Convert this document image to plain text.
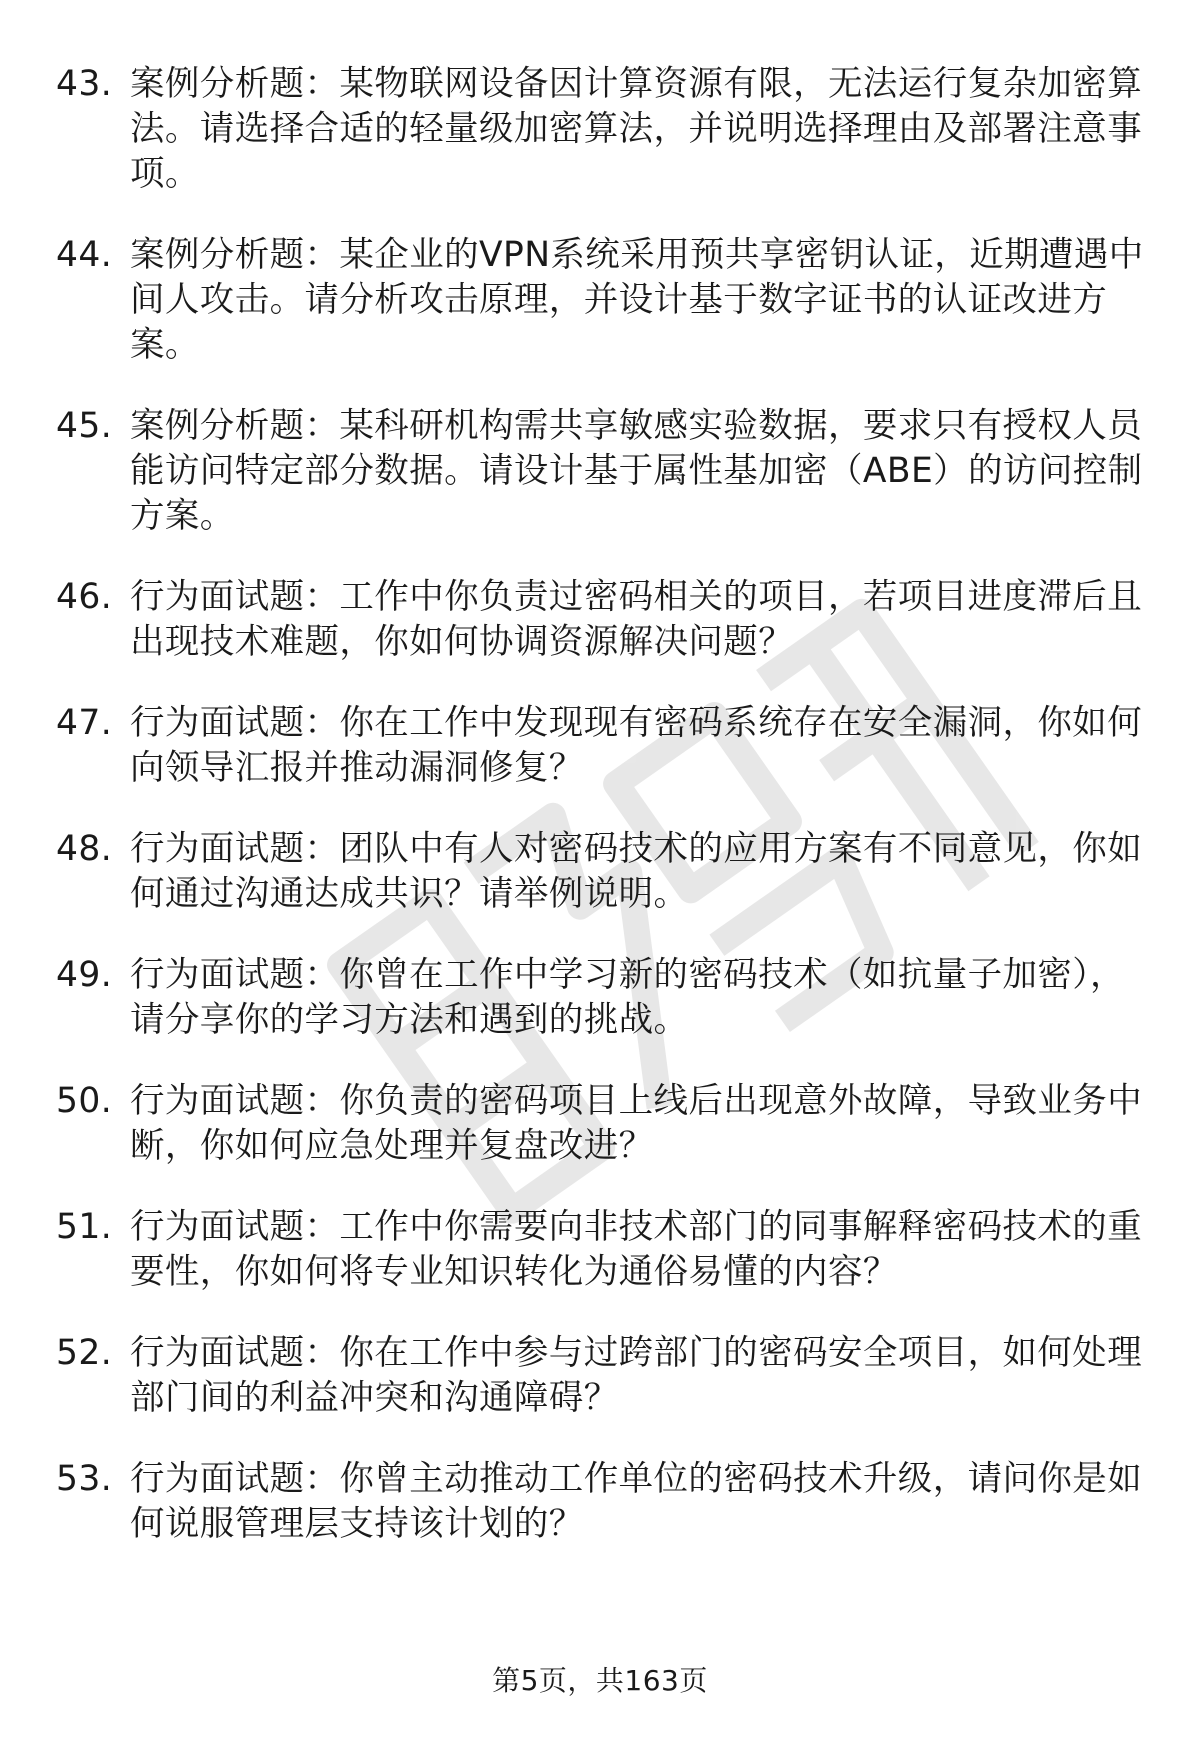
43. 案例分析题：某物联网设备因计算资源有限，无法运行复杂加密算法。请选择合适的轻量级加密算法，并说明选择理由及部署注意事项。
44. 案例分析题：某企业的VPN系统采用预共享密钥认证，近期遭遇中间人攻击。请分析攻击原理，并设计基于数字证书的认证改进方案。
45. 案例分析题：某科研机构需共享敏感实验数据，要求只有授权人员能访问特定部分数据。请设计基于属性基加密（ABE）的访问控制方案。
46. 行为面试题：工作中你负责过密码相关的项目，若项目进度滞后且出现技术难题，你如何协调资源解决问题？
47. 行为面试题：你在工作中发现现有密码系统存在安全漏洞，你如何向领导汇报并推动漏洞修复？
48. 行为面试题：团队中有人对密码技术的应用方案有不同意见，你如何通过沟通达成共识？请举例说明。
49. 行为面试题：你曾在工作中学习新的密码技术（如抗量子加密），请分享你的学习方法和遇到的挑战。
50. 行为面试题：你负责的密码项目上线后出现意外故障，导致业务中断，你如何应急处理并复盘改进？
51. 行为面试题：工作中你需要向非技术部门的同事解释密码技术的重要性，你如何将专业知识转化为通俗易懂的内容？
52. 行为面试题：你在工作中参与过跨部门的密码安全项目，如何处理部门间的利益冲突和沟通障碍？
53. 行为面试题：你曾主动推动工作单位的密码技术升级，请问你是如何说服管理层支持该计划的？
第5页，共163页
